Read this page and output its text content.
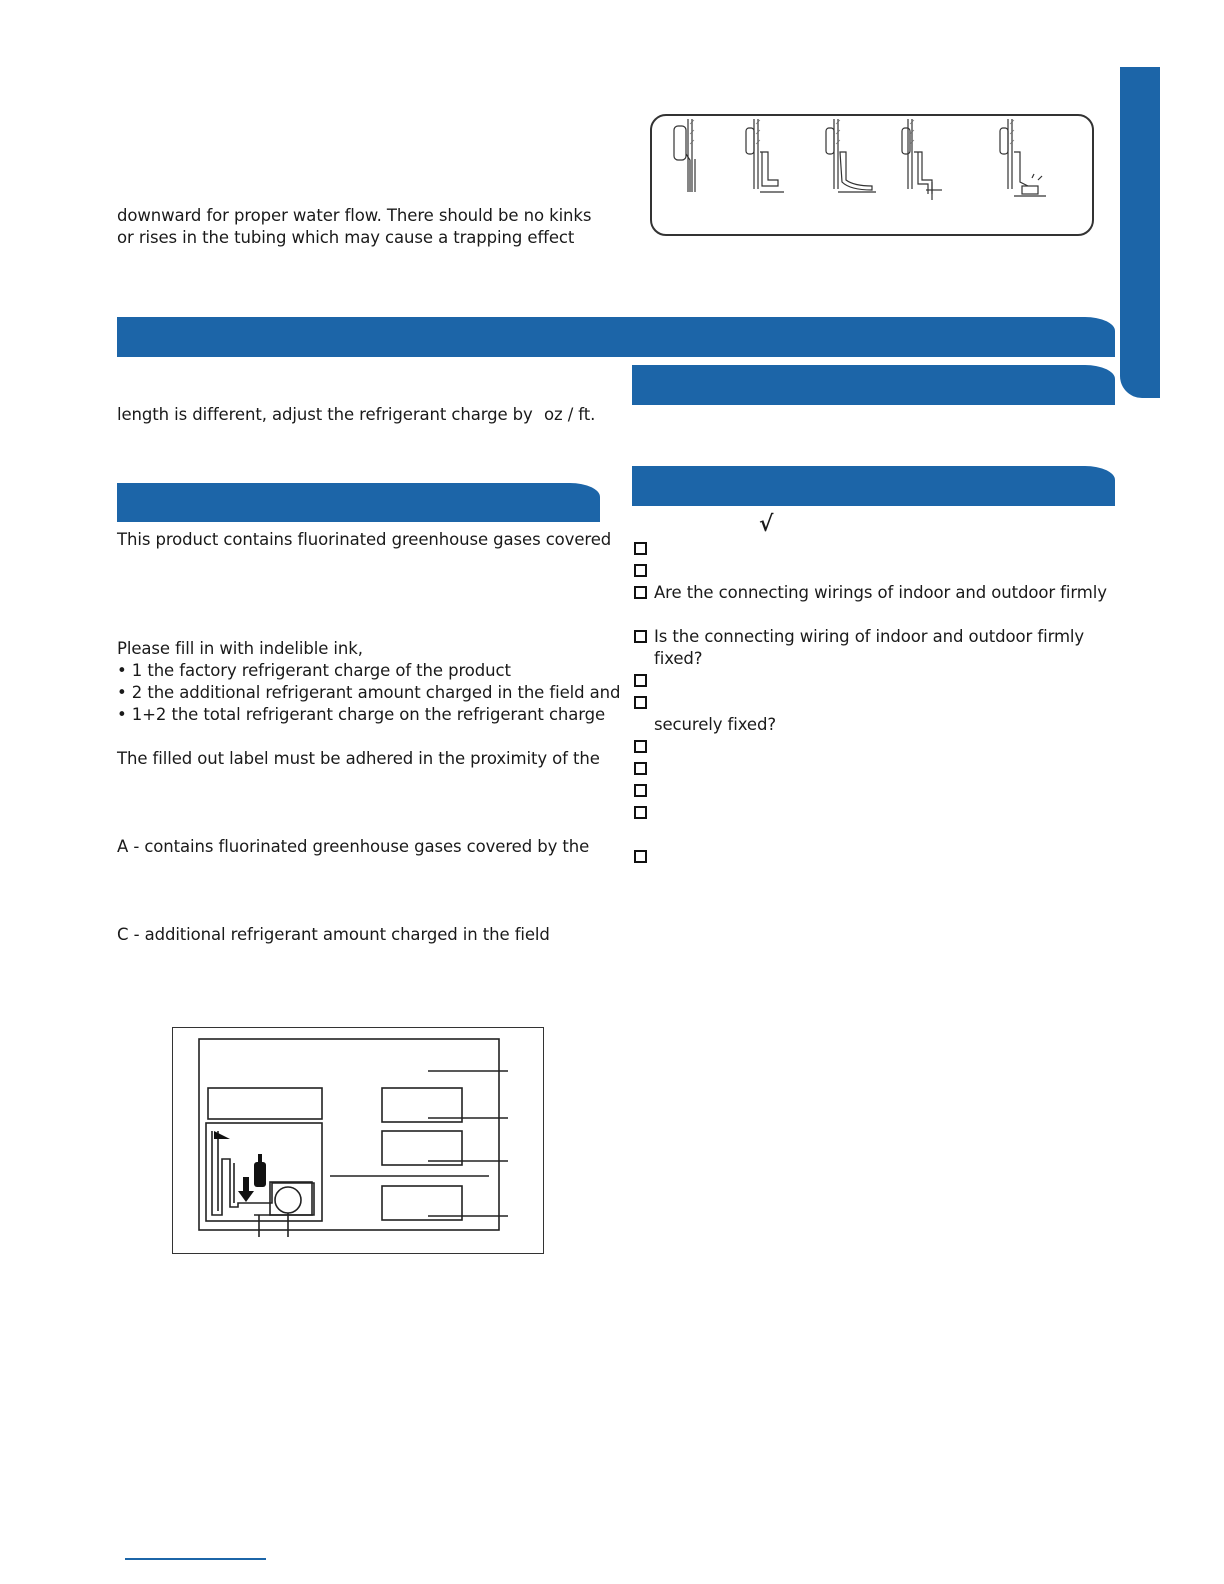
downward for proper water flow. There should be no kinks
or rises in the tubing which may cause a trapping effect
length is different, adjust the refrigerant charge by oz / ft.
This product contains fluorinated greenhouse gases covered
Please fill in with indelible ink,
• 1 the factory refrigerant charge of the product
• 2 the additional refrigerant amount charged in the field and
• 1+2 the total refrigerant charge on the refrigerant charge
The filled out label must be adhered in the proximity of the
A - contains fluorinated greenhouse gases covered by the
C - additional refrigerant amount charged in the field
√
Are the connecting wirings of indoor and outdoor firmly
Is the connecting wiring of indoor and outdoor firmly
fixed?
securely fixed?
